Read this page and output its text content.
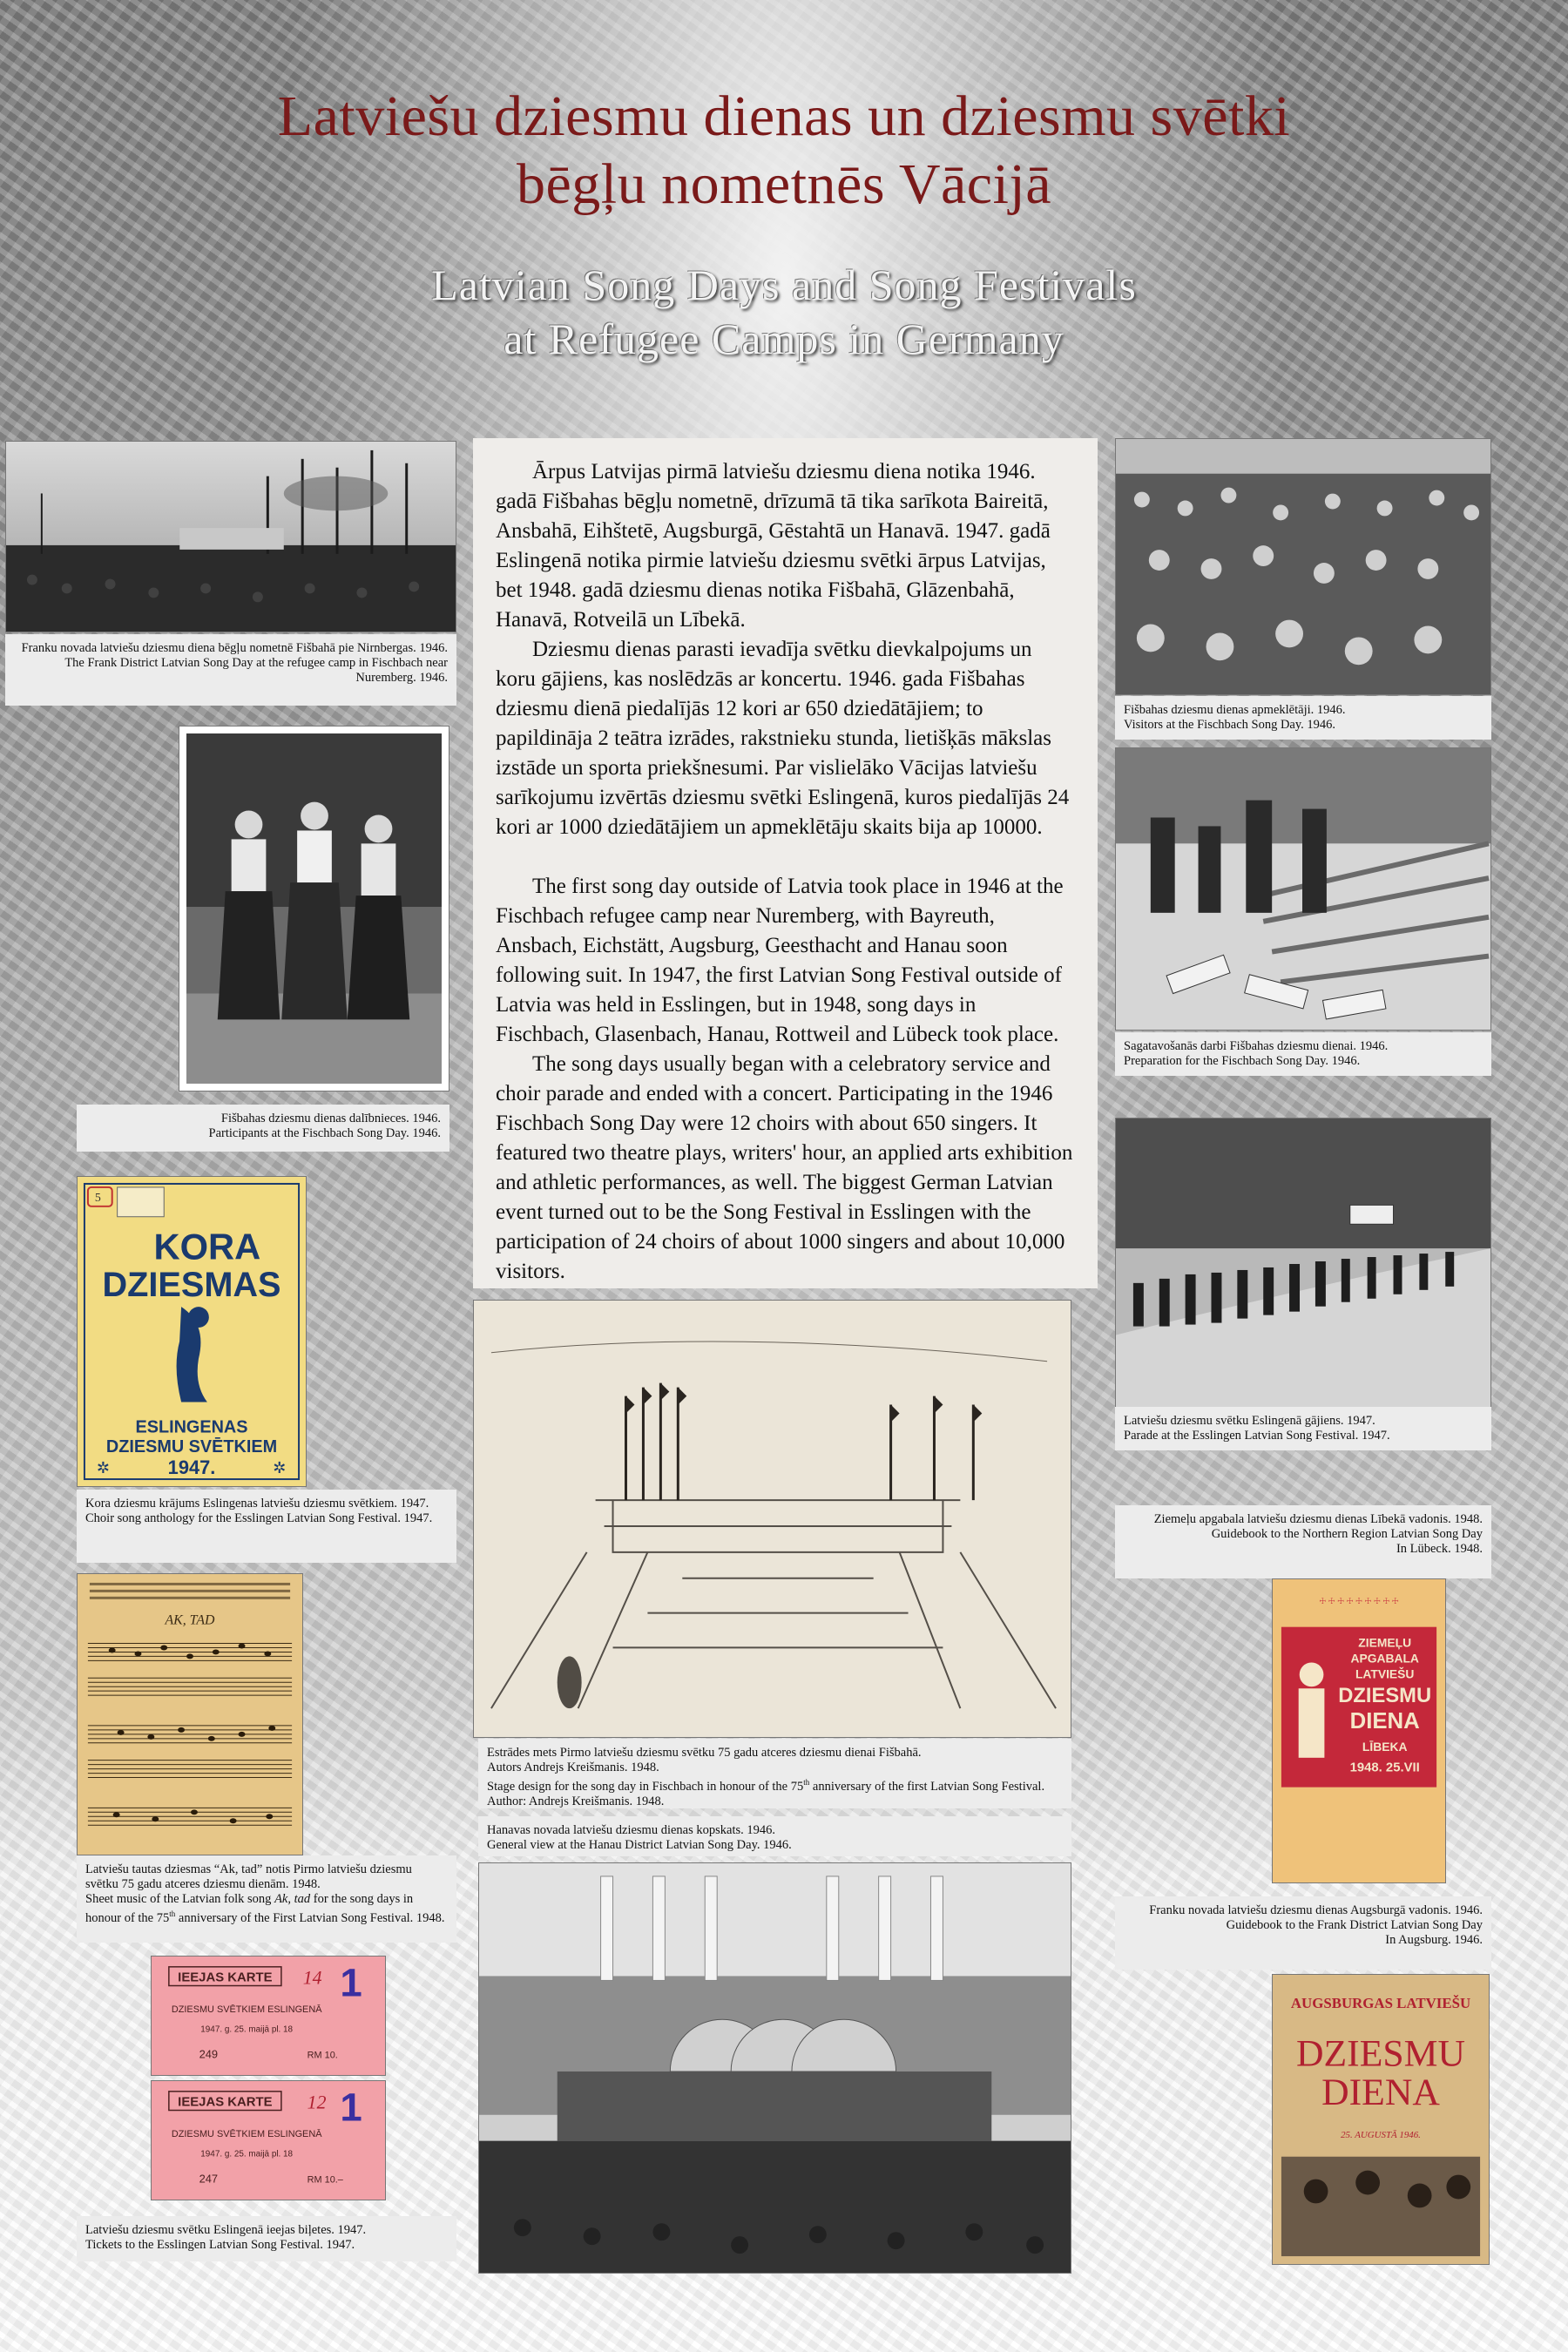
Latviešu dziesmu dienas un dziesmu svētki
bēgļu nometnēs Vācijā
Latvian Song Days and Song Festivals
at Refugee Camps in Germany
Franku novada latviešu dziesmu diena bēgļu nometnē Fišbahā pie Nirnbergas. 1946.
The Frank District Latvian Song Day at the refugee camp in Fischbach near Nuremberg. 1946.
Fišbahas dziesmu dienas dalībnieces. 1946.
Participants at the Fischbach Song Day. 1946.
5
KORA
DZIESMAS
ESLINGENAS
DZIESMU SVĒTKIEM
1947.
✲	✲
Kora dziesmu krājums Eslingenas latviešu dziesmu svētkiem. 1947.
Choir song anthology for the Esslingen Latvian Song Festival. 1947.
AK, TAD
Latviešu tautas dziesmas “Ak, tad” notis Pirmo latviešu dziesmu svētku 75 gadu atceres dziesmu dienām. 1948.
Sheet music of the Latvian folk song Ak, tad for the song days in honour of the 75th anniversary of the First Latvian Song Festival. 1948.
IEEJAS KARTE 14 1
DZIESMU SVĒTKIEM ESLINGENĀ
1947. g. 25. maijā pl. 18
249	RM 10.
IEEJAS KARTE 12 1
DZIESMU SVĒTKIEM ESLINGENĀ
1947. g. 25. maijā pl. 18
247	RM 10.–
Latviešu dziesmu svētku Eslingenā ieejas biļetes. 1947.
Tickets to the Esslingen Latvian Song Festival. 1947.

Ārpus Latvijas pirmā latviešu dziesmu diena notika 1946. gadā Fišbahas bēgļu nometnē, drīzumā tā tika sarīkota Baireitā, Ansbahā, Eihštetē, Augsburgā, Gēstahtā un Hanavā. 1947. gadā Eslingenā notika pirmie latviešu dziesmu svētki ārpus Latvijas, bet 1948. gadā dziesmu dienas notika Fišbahā, Glāzenbahā, Hanavā, Rotveilā un Lībekā.

Dziesmu dienas parasti ievadīja svētku dievkalpojums un koru gājiens, kas noslēdzās ar koncertu. 1946. gada Fišbahas dziesmu dienā piedalījās 12 kori ar 650 dziedātājiem; to papildināja 2 teātra izrādes, rakstnieku stunda, lietišķās mākslas izstāde un sporta priekšnesumi. Par vislielāko Vācijas latviešu sarīkojumu izvērtās dziesmu svētki Eslingenā, kuros piedalījās 24 kori ar 1000 dziedātājiem un apmeklētāju skaits bija ap 10000.

The first song day outside of Latvia took place in 1946 at the Fischbach refugee camp near Nuremberg, with Bayreuth, Ansbach, Eichstätt, Augsburg, Geesthacht and Hanau soon following suit. In 1947, the first Latvian Song Festival outside of Latvia was held in Esslingen, but in 1948, song days in Fischbach, Glasenbach, Hanau, Rottweil and Lübeck took place.

The song days usually began with a celebratory service and choir parade and ended with a concert. Participating in the 1946 Fischbach Song Day were 12 choirs with about 650 singers. It featured two theatre plays, writers' hour, an applied arts exhibition and athletic performances, as well. The biggest German Latvian event turned out to be the Song Festival in Esslingen with the participation of 24 choirs of about 1000 singers and about 10,000 visitors.

Estrādes mets Pirmo latviešu dziesmu svētku 75 gadu atceres dziesmu dienai Fišbahā.
Autors Andrejs Kreišmanis. 1948.
Stage design for the song day in Fischbach in honour of the 75th anniversary of the first Latvian Song Festival. Author: Andrejs Kreišmanis. 1948.
Hanavas novada latviešu dziesmu dienas kopskats. 1946.
General view at the Hanau District Latvian Song Day. 1946.
Fišbahas dziesmu dienas apmeklētāji. 1946.
Visitors at the Fischbach Song Day. 1946.
Sagatavošanās darbi Fišbahas dziesmu dienai. 1946.
Preparation for the Fischbach Song Day. 1946.
Latviešu dziesmu svētku Eslingenā gājiens. 1947.
Parade at the Esslingen Latvian Song Festival. 1947.
Ziemeļu apgabala latviešu dziesmu dienas Lībekā vadonis. 1948.
Guidebook to the Northern Region Latvian Song Day
In Lübeck. 1948.
☩ ☩ ☩ ☩ ☩ ☩ ☩ ☩ ☩
ZIEMEĻU
APGABALA
LATVIEŠU
DZIESMU
DIENA
LĪBEKA
1948. 25.VII
Franku novada latviešu dziesmu dienas Augsburgā vadonis. 1946.
Guidebook to the Frank District Latvian Song Day
In Augsburg. 1946.
AUGSBURGAS LATVIEŠU
DZIESMU
DIENA
25. AUGUSTĀ 1946.
